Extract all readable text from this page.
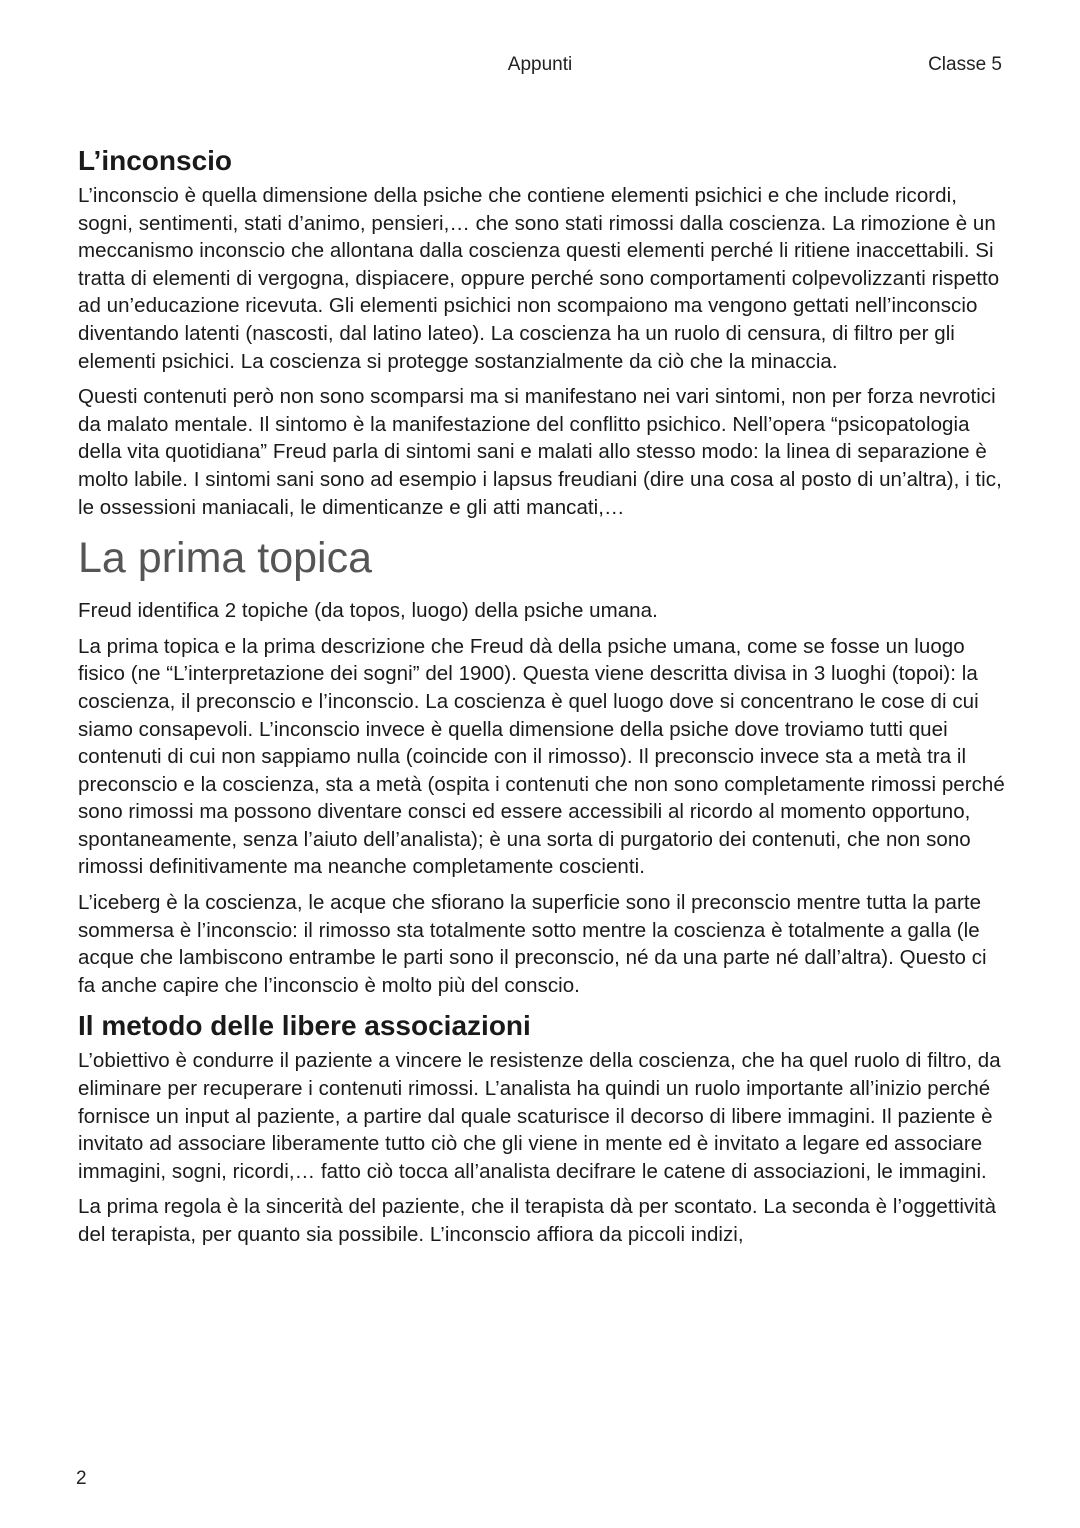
Appunti	Classe 5
L’inconscio

L’inconscio è quella dimensione della psiche che contiene elementi psichici e che include ricordi, sogni, sentimenti, stati d’animo, pensieri,… che sono stati rimossi dalla coscienza. La rimozione è un meccanismo inconscio che allontana dalla coscienza questi elementi perché li ritiene inaccettabili. Si tratta di elementi di vergogna, dispiacere, oppure perché sono comportamenti colpevolizzanti rispetto ad un’educazione ricevuta. Gli elementi psichici non scompaiono ma vengono gettati nell’inconscio diventando latenti (nascosti, dal latino lateo). La coscienza ha un ruolo di censura, di filtro per gli elementi psichici. La coscienza si protegge sostanzialmente da ciò che la minaccia.

Questi contenuti però non sono scomparsi ma si manifestano nei vari sintomi, non per forza nevrotici da malato mentale. Il sintomo è la manifestazione del conflitto psichico. Nell’opera “psicopatologia della vita quotidiana” Freud parla di sintomi sani e malati allo stesso modo: la linea di separazione è molto labile. I sintomi sani sono ad esempio i lapsus freudiani (dire una cosa al posto di un’altra), i tic, le ossessioni maniacali, le dimenticanze e gli atti mancati,…

La prima topica

Freud identifica 2 topiche (da topos, luogo) della psiche umana.

La prima topica e la prima descrizione che Freud dà della psiche umana, come se fosse un luogo fisico (ne “L’interpretazione dei sogni” del 1900). Questa viene descritta divisa in 3 luoghi (topoi): la coscienza, il preconscio e l’inconscio. La coscienza è quel luogo dove si concentrano le cose di cui siamo consapevoli. L’inconscio invece è quella dimensione della psiche dove troviamo tutti quei contenuti di cui non sappiamo nulla (coincide con il rimosso). Il preconscio invece sta a metà tra il preconscio e la coscienza, sta a metà (ospita i contenuti che non sono completamente rimossi perché sono rimossi ma possono diventare consci ed essere accessibili al ricordo al momento opportuno, spontaneamente, senza l’aiuto dell’analista); è una sorta di purgatorio dei contenuti, che non sono rimossi definitivamente ma neanche completamente coscienti.

L’iceberg è la coscienza, le acque che sfiorano la superficie sono il preconscio mentre tutta la parte sommersa è l’inconscio: il rimosso sta totalmente sotto mentre la coscienza è totalmente a galla (le acque che lambiscono entrambe le parti sono il preconscio, né da una parte né dall’altra). Questo ci fa anche capire che l’inconscio è molto più del conscio.

Il metodo delle libere associazioni

L’obiettivo è condurre il paziente a vincere le resistenze della coscienza, che ha quel ruolo di filtro, da eliminare per recuperare i contenuti rimossi. L’analista ha quindi un ruolo importante all’inizio perché fornisce un input al paziente, a partire dal quale scaturisce il decorso di libere immagini. Il paziente è invitato ad associare liberamente tutto ciò che gli viene in mente ed è invitato a legare ed associare immagini, sogni, ricordi,… fatto ciò tocca all’analista decifrare le catene di associazioni, le immagini.

La prima regola è la sincerità del paziente, che il terapista dà per scontato. La seconda è l’oggettività del terapista, per quanto sia possibile. L’inconscio affiora da piccoli indizi,

2
